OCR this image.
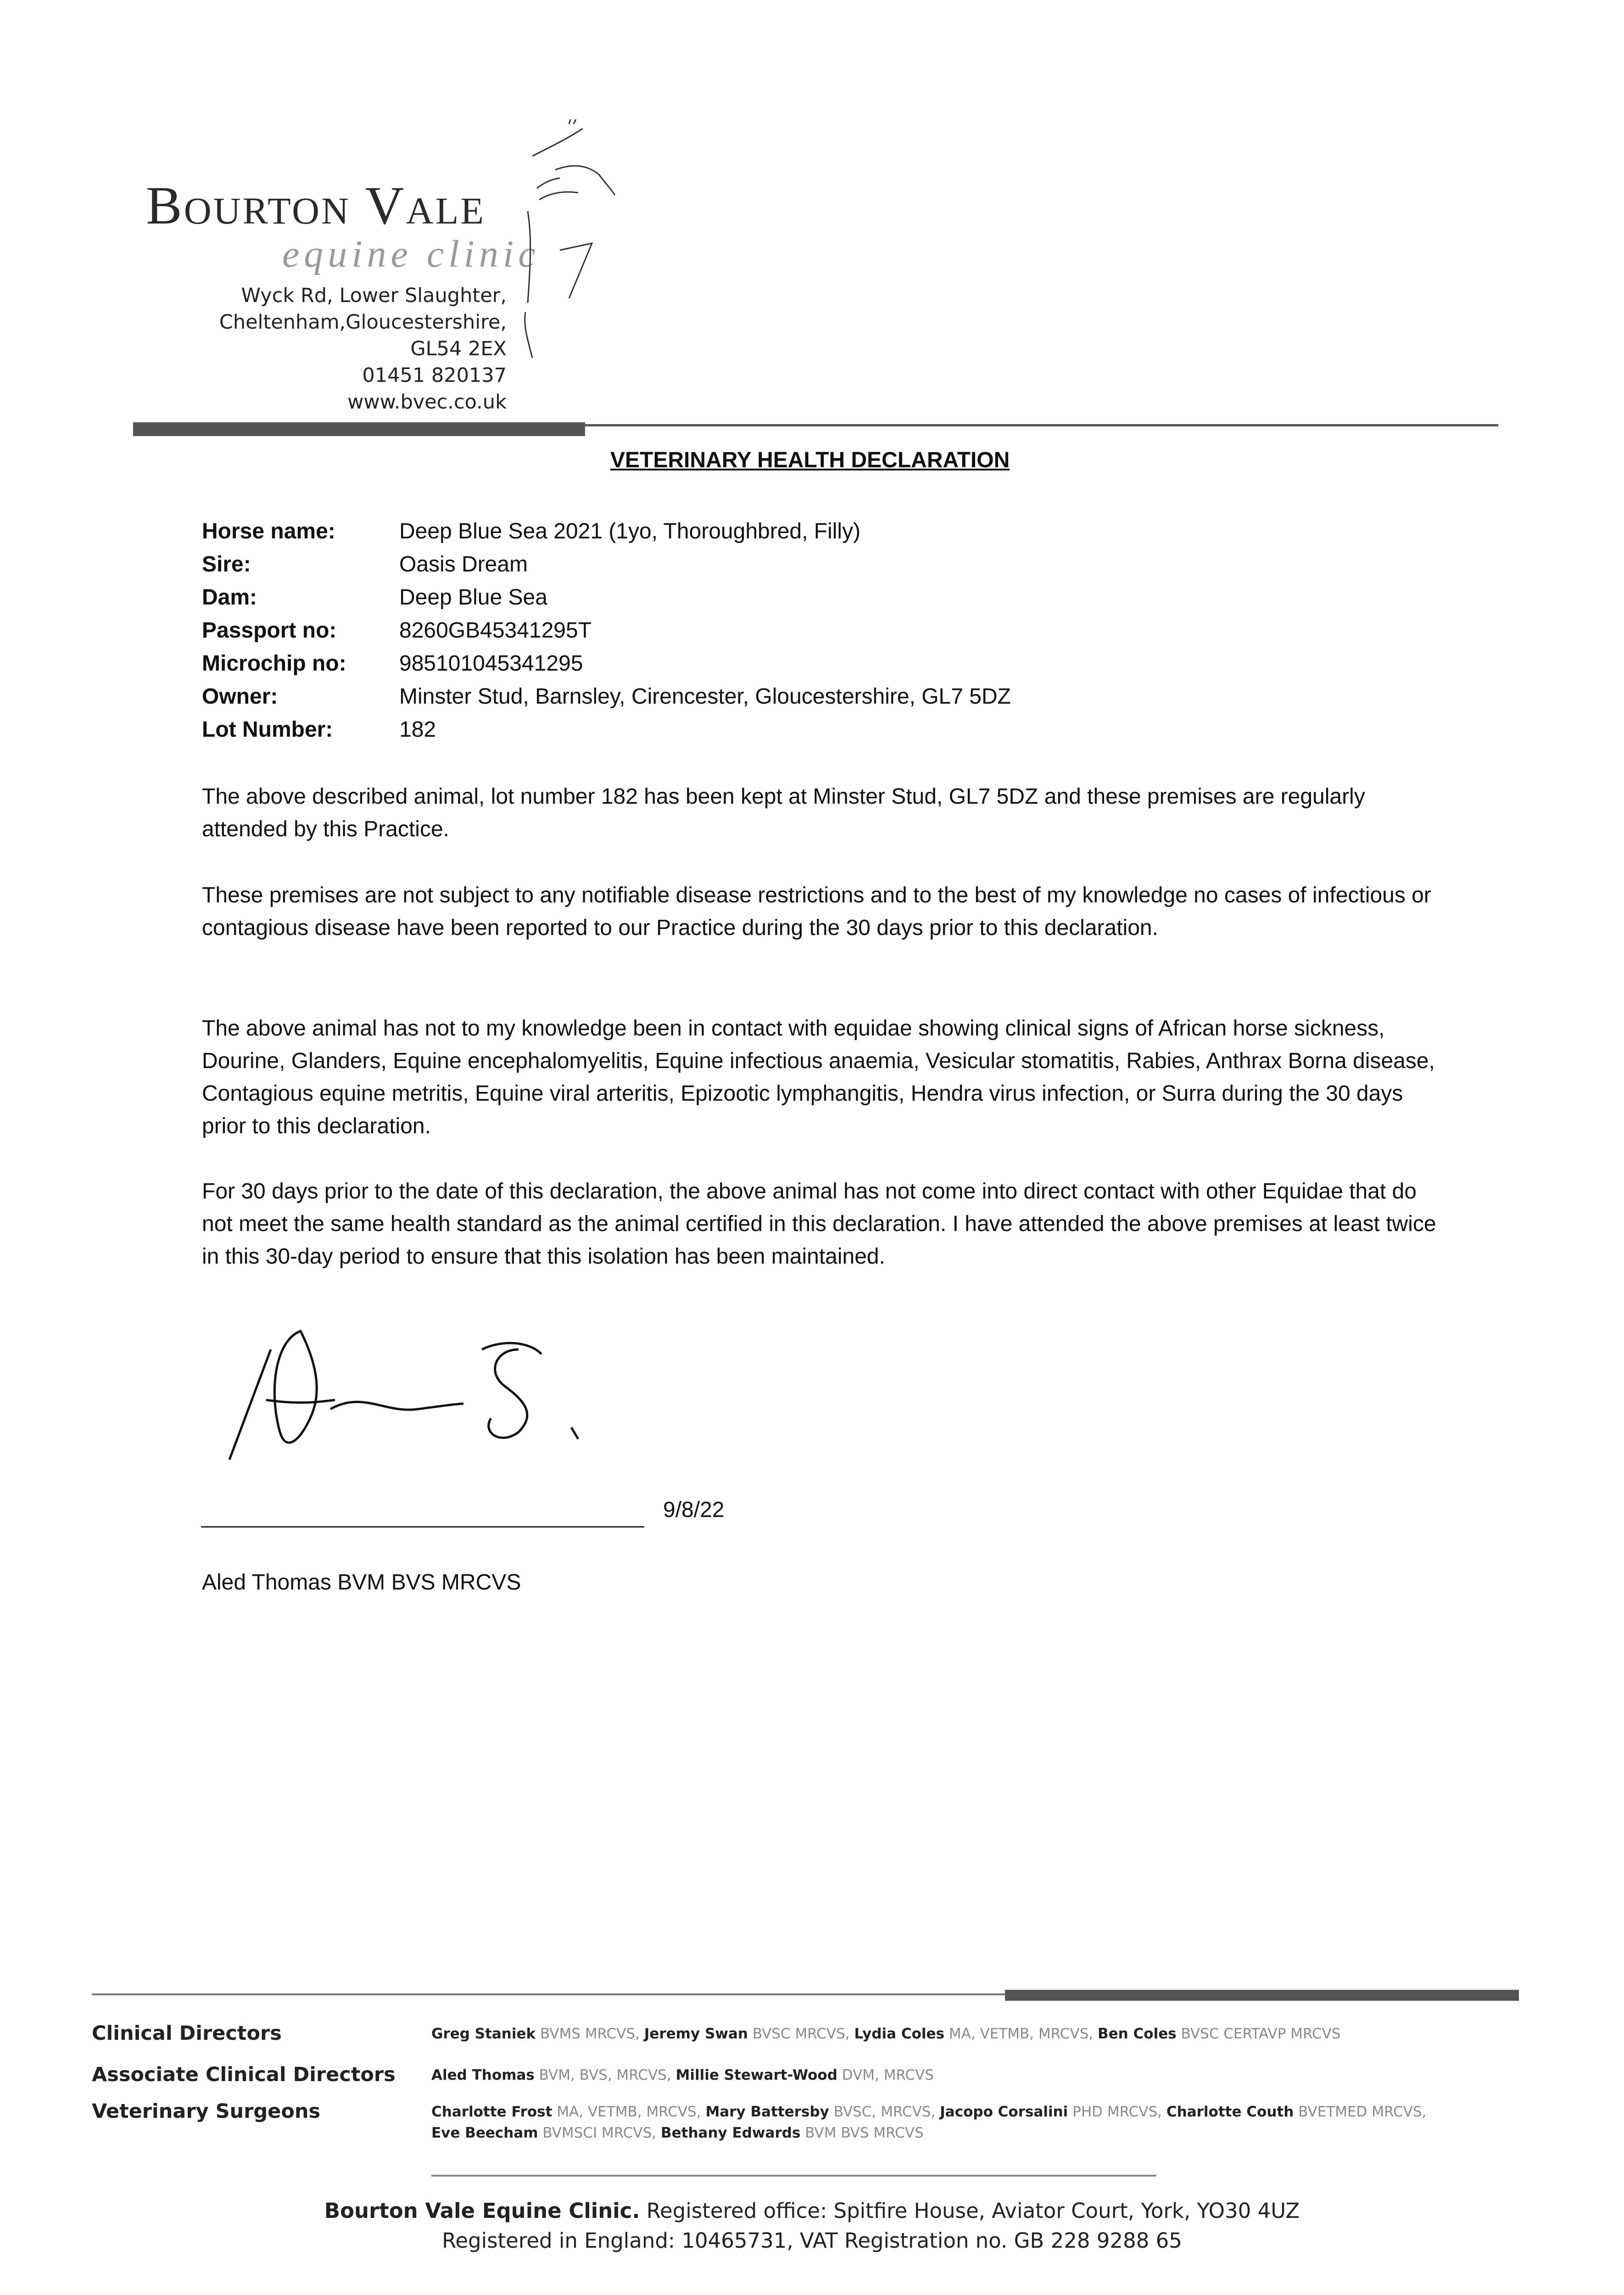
Bourton Vale
equine clinic
Wyck Rd, Lower Slaughter,
Cheltenham,Gloucestershire,
GL54 2EX
01451 820137
www.bvec.co.uk
VETERINARY HEALTH DECLARATION
Horse name:	Deep Blue Sea 2021 (1yo, Thoroughbred, Filly)
Sire:	Oasis Dream
Dam:	Deep Blue Sea
Passport no:	8260GB45341295T
Microchip no: 985101045341295
Owner:	Minster Stud, Barnsley, Cirencester, Gloucestershire, GL7 5DZ
Lot Number:	182
The above described animal, lot number 182 has been kept at Minster Stud, GL7 5DZ and these premises are regularly attended by this Practice.
These premises are not subject to any notifiable disease restrictions and to the best of my knowledge no cases of infectious or contagious disease have been reported to our Practice during the 30 days prior to this declaration.
The above animal has not to my knowledge been in contact with equidae showing clinical signs of African horse sickness, Dourine, Glanders, Equine encephalomyelitis, Equine infectious anaemia, Vesicular stomatitis, Rabies, Anthrax Borna disease, Contagious equine metritis, Equine viral arteritis, Epizootic lymphangitis, Hendra virus infection, or Surra during the 30 days prior to this declaration.
For 30 days prior to the date of this declaration, the above animal has not come into direct contact with other Equidae that do not meet the same health standard as the animal certified in this declaration. I have attended the above premises at least twice in this 30-day period to ensure that this isolation has been maintained.
9/8/22
Aled Thomas BVM BVS MRCVS
Clinical Directors	Greg Staniek BVMS MRCVS, Jeremy Swan BVSC MRCVS, Lydia Coles MA, VETMB, MRCVS, Ben Coles BVSC CERTAVP MRCVS
Associate Clinical Directors	Aled Thomas BVM, BVS, MRCVS, Millie Stewart-Wood DVM, MRCVS
Veterinary Surgeons	Charlotte Frost MA, VETMB, MRCVS, Mary Battersby BVSC, MRCVS, Jacopo Corsalini PHD MRCVS, Charlotte Couth BVETMED MRCVS,
Eve Beecham BVMSCI MRCVS, Bethany Edwards BVM BVS MRCVS
Bourton Vale Equine Clinic. Registered office: Spitfire House, Aviator Court, York, YO30 4UZ
Registered in England: 10465731, VAT Registration no. GB 228 9288 65
